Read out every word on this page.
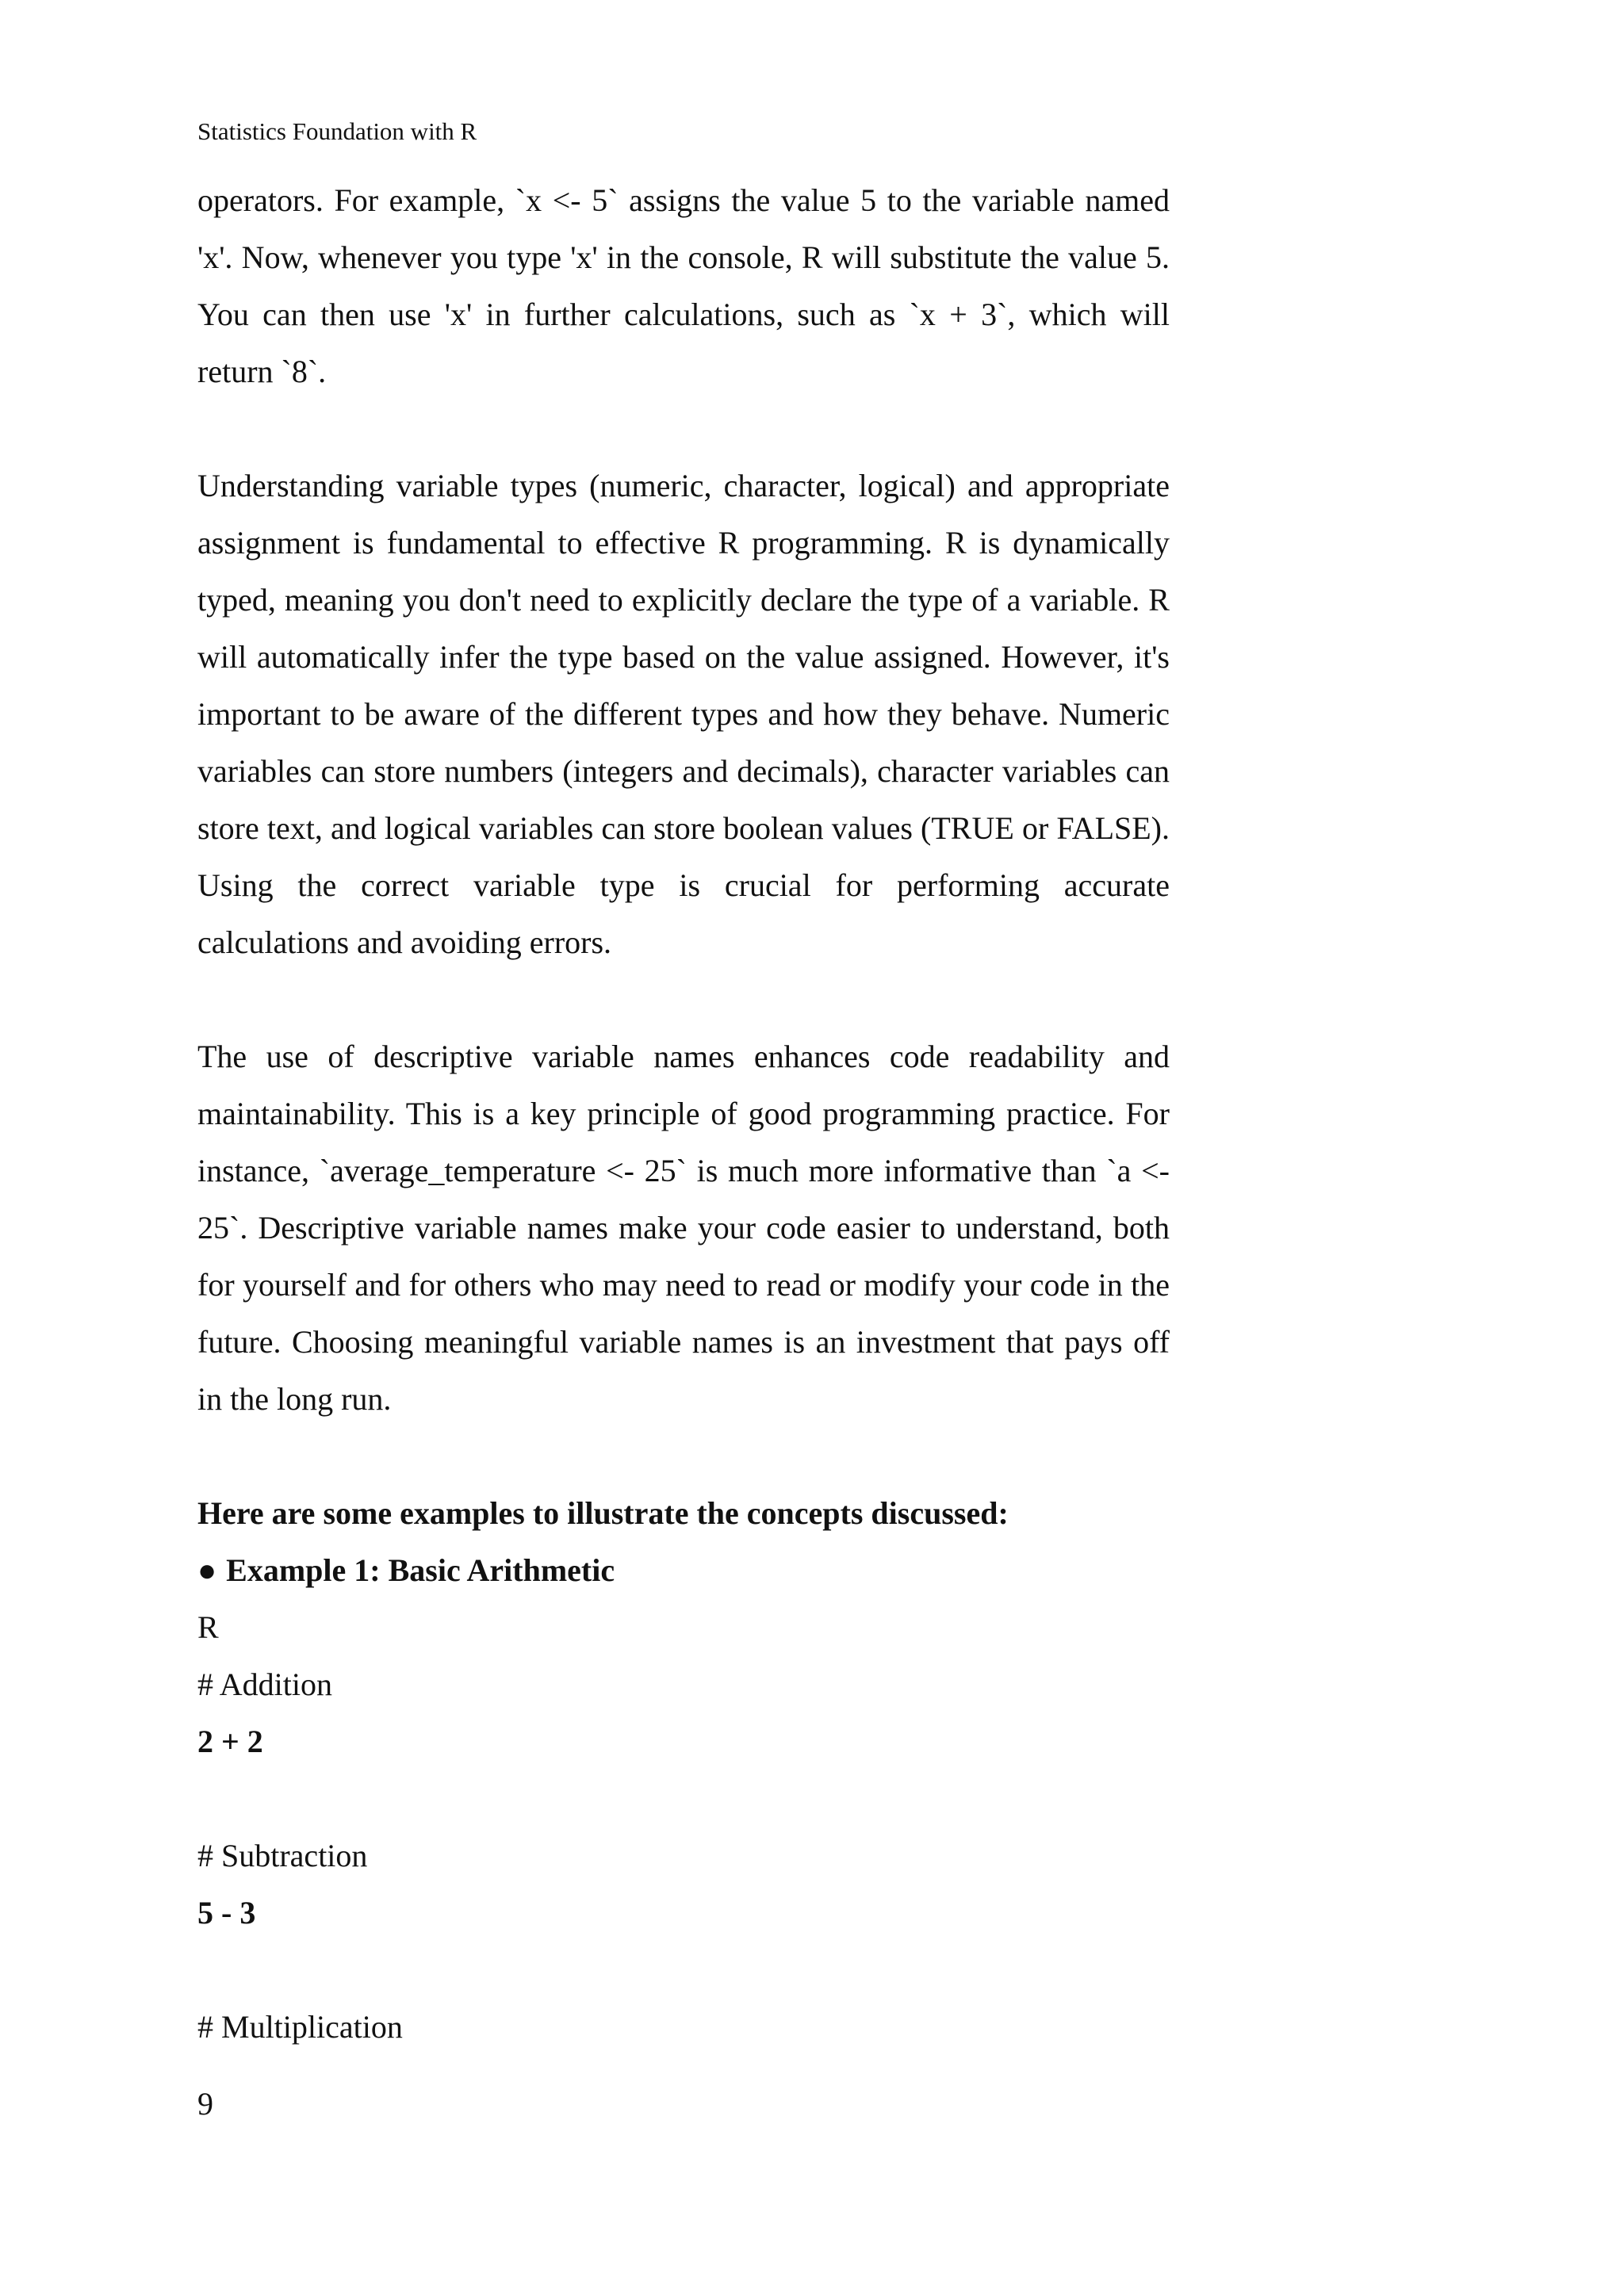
Statistics Foundation with R

operators. For example, `x <- 5` assigns the value 5 to the variable named 'x'. Now, whenever you type 'x' in the console, R will substitute the value 5. You can then use 'x' in further calculations, such as `x + 3`, which will return `8`.

Understanding variable types (numeric, character, logical) and appropriate assignment is fundamental to effective R programming. R is dynamically typed, meaning you don't need to explicitly declare the type of a variable. R will automatically infer the type based on the value assigned. However, it's important to be aware of the different types and how they behave. Numeric variables can store numbers (integers and decimals), character variables can store text, and logical variables can store boolean values (TRUE or FALSE). Using the correct variable type is crucial for performing accurate calculations and avoiding errors.

The use of descriptive variable names enhances code readability and maintainability. This is a key principle of good programming practice. For instance, `average_temperature <- 25` is much more informative than `a <- 25`. Descriptive variable names make your code easier to understand, both for yourself and for others who may need to read or modify your code in the future. Choosing meaningful variable names is an investment that pays off in the long run.

Here are some examples to illustrate the concepts discussed:

● Example 1: Basic Arithmetic

R

# Addition

2 + 2

# Subtraction

5 - 3

# Multiplication

9
